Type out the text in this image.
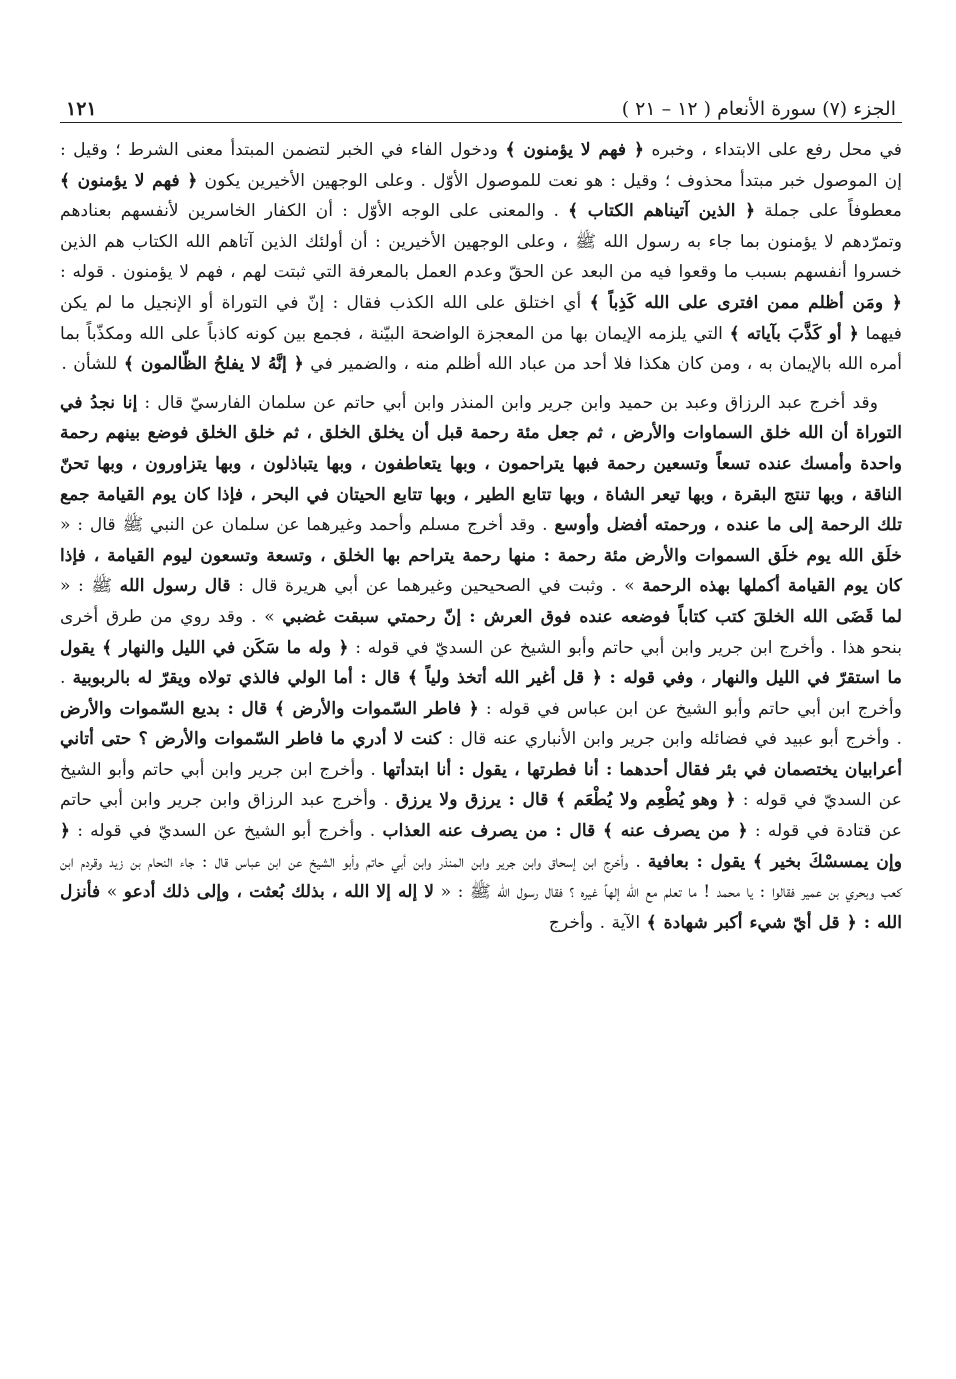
الجزء (٧) سورة الأنعام ( ١٢ – ٢١ )
١٢١

في محل رفع على الابتداء ، وخبره ﴿ فهم لا يؤمنون ﴾ ودخول الفاء في الخبر لتضمن المبتدأ معنى الشرط ؛ وقيل : إن الموصول خبر مبتدأ محذوف ؛ وقيل : هو نعت للموصول الأوّل . وعلى الوجهين الأخيرين يكون ﴿ فهم لا يؤمنون ﴾ معطوفاً على جملة ﴿ الذين آتيناهم الكتاب ﴾ . والمعنى على الوجه الأوّل : أن الكفار الخاسرين لأنفسهم بعنادهم وتمرّدهم لا يؤمنون بما جاء به رسول الله ﷺ ، وعلى الوجهين الأخيرين : أن أولئك الذين آتاهم الله الكتاب هم الذين خسروا أنفسهم بسبب ما وقعوا فيه من البعد عن الحقّ وعدم العمل بالمعرفة التي ثبتت لهم ، فهم لا يؤمنون . قوله : ﴿ ومَن أظلم ممن افترى على الله كَذِباً ﴾ أي اختلق على الله الكذب فقال : إنّ في التوراة أو الإنجيل ما لم يكن فيهما ﴿ أو كَذَّبَ بآياته ﴾ التي يلزمه الإيمان بها من المعجزة الواضحة البيّنة ، فجمع بين كونه كاذباً على الله ومكذّباً بما أمره الله بالإيمان به ، ومن كان هكذا فلا أحد من عباد الله أظلم منه ، والضمير في ﴿ إنَّهُ لا يفلحُ الظّالمون ﴾ للشأن .

وقد أخرج عبد الرزاق وعبد بن حميد وابن جرير وابن المنذر وابن أبي حاتم عن سلمان الفارسيّ قال : إنا نجدُ في التوراة أن الله خلق السماوات والأرض ، ثم جعل مئة رحمة قبل أن يخلق الخلق ، ثم خلق الخلق فوضع بينهم رحمة واحدة وأمسك عنده تسعاً وتسعين رحمة فبها يتراحمون ، وبها يتعاطفون ، وبها يتباذلون ، وبها يتزاورون ، وبها تحنّ الناقة ، وبها تنتج البقرة ، وبها تيعر الشاة ، وبها تتابع الطير ، وبها تتابع الحيتان في البحر ، فإذا كان يوم القيامة جمع تلك الرحمة إلى ما عنده ، ورحمته أفضل وأوسع . وقد أخرج مسلم وأحمد وغيرهما عن سلمان عن النبي ﷺ قال : « خلَق الله يوم خلَق السموات والأرض مئة رحمة : منها رحمة يتراحم بها الخلق ، وتسعة وتسعون ليوم القيامة ، فإذا كان يوم القيامة أكملها بهذه الرحمة » . وثبت في الصحيحين وغيرهما عن أبي هريرة قال : قال رسول الله ﷺ : « لما قَضَى الله الخلقَ كتب كتاباً فوضعه عنده فوق العرش : إنّ رحمتي سبقت غضبي » . وقد روي من طرق أخرى بنحو هذا . وأخرج ابن جرير وابن أبي حاتم وأبو الشيخ عن السديّ في قوله : ﴿ وله ما سَكَن في الليل والنهار ﴾ يقول ما استقرّ في الليل والنهار ، وفي قوله : ﴿ قل أغير الله أتخذ ولياً ﴾ قال : أما الولي فالذي تولاه ويقرّ له بالربوبية . وأخرج ابن أبي حاتم وأبو الشيخ عن ابن عباس في قوله : ﴿ فاطر السّموات والأرض ﴾ قال : بديع السّموات والأرض . وأخرج أبو عبيد في فضائله وابن جرير وابن الأنباري عنه قال : كنت لا أدري ما فاطر السّموات والأرض ؟ حتى أتاني أعرابيان يختصمان في بئر فقال أحدهما : أنا فطرتها ، يقول : أنا ابتدأتها . وأخرج ابن جرير وابن أبي حاتم وأبو الشيخ عن السديّ في قوله : ﴿ وهو يُطْعِم ولا يُطْعَم ﴾ قال : يرزق ولا يرزق . وأخرج عبد الرزاق وابن جرير وابن أبي حاتم عن قتادة في قوله : ﴿ من يصرف عنه ﴾ قال : من يصرف عنه العذاب . وأخرج أبو الشيخ عن السديّ في قوله : ﴿ وإن يمسسْكَ بخير ﴾ يقول : بعافية . وأخرج ابن إسحاق وابن جرير وابن المنذر وابن أبي حاتم وأبو الشيخ عن ابن عباس قال : جاء النحام بن زيد وقردم ابن كعب وبحري بن عمير فقالوا : يا محمد ! ما تعلم مع الله إلهاً غيره ؟ فقال رسول الله ﷺ : « لا إله إلا الله ، بذلك بُعثت ، وإلى ذلك أدعو » فأنزل الله : ﴿ قل أيّ شيء أكبر شهادة ﴾ الآية . وأخرج
